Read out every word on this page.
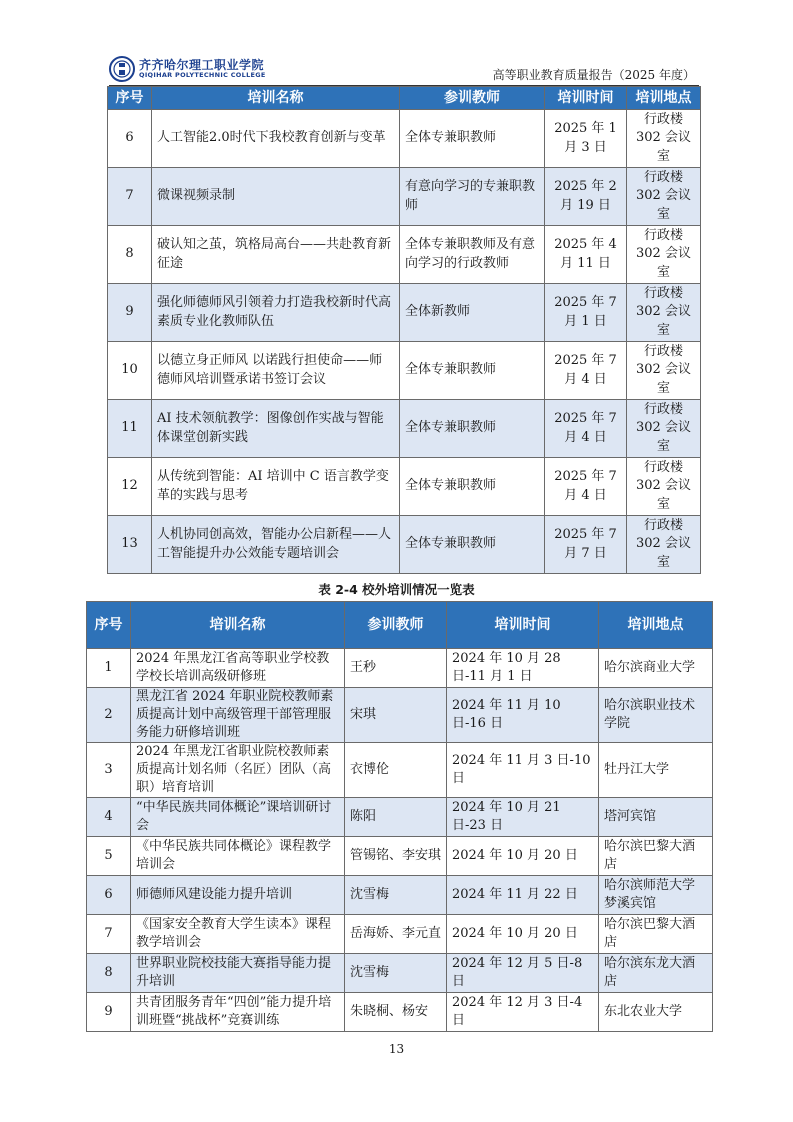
齐齐哈尔理工职业学院
QIQIHAR POLYTECHNIC COLLEGE	高等职业教育质量报告（2025 年度）
序号	培训名称	参训教师	培训时间	培训地点
6	人工智能2.0时代下我校教育创新与变革	全体专兼职教师	2025 年 1 月 3 日	行政楼 302 会议室
7	微课视频录制	有意向学习的专兼职教师	2025 年 2 月 19 日	行政楼 302 会议室
8	破认知之茧，筑格局高台——共赴教育新征途	全体专兼职教师及有意向学习的行政教师	2025 年 4 月 11 日	行政楼 302 会议室
9	强化师德师风引领着力打造我校新时代高素质专业化教师队伍	全体新教师	2025 年 7 月 1 日	行政楼 302 会议室
10	以德立身正师风 以诺践行担使命——师德师风培训暨承诺书签订会议	全体专兼职教师	2025 年 7 月 4 日	行政楼 302 会议室
11	AI 技术领航教学：图像创作实战与智能体课堂创新实践	全体专兼职教师	2025 年 7 月 4 日	行政楼 302 会议室
12	从传统到智能：AI 培训中 C 语言教学变革的实践与思考	全体专兼职教师	2025 年 7 月 4 日	行政楼 302 会议室
13	人机协同创高效，智能办公启新程——人工智能提升办公效能专题培训会	全体专兼职教师	2025 年 7 月 7 日	行政楼 302 会议室
表 2-4 校外培训情况一览表
序号	培训名称	参训教师	培训时间	培训地点
1	2024 年黑龙江省高等职业学校教学校长培训高级研修班	王秒	2024 年 10 月 28 日-11 月 1 日	哈尔滨商业大学
2	黑龙江省 2024 年职业院校教师素质提高计划中高级管理干部管理服务能力研修培训班	宋琪	2024 年 11 月 10 日-16 日	哈尔滨职业技术学院
3	2024 年黑龙江省职业院校教师素质提高计划名师（名匠）团队（高职）培育培训	衣博伦	2024 年 11 月 3 日-10 日	牡丹江大学
4	“中华民族共同体概论”课培训研讨会	陈阳	2024 年 10 月 21 日-23 日	塔河宾馆
5	《中华民族共同体概论》课程教学培训会	管锡铭、李安琪	2024 年 10 月 20 日	哈尔滨巴黎大酒店
6	师德师风建设能力提升培训	沈雪梅	2024 年 11 月 22 日	哈尔滨师范大学梦溪宾馆
7	《国家安全教育大学生读本》课程教学培训会	岳海娇、李元直	2024 年 10 月 20 日	哈尔滨巴黎大酒店
8	世界职业院校技能大赛指导能力提升培训	沈雪梅	2024 年 12 月 5 日-8 日	哈尔滨东龙大酒店
9	共青团服务青年“四创”能力提升培训班暨“挑战杯”竞赛训练	朱晓桐、杨安	2024 年 12 月 3 日-4 日	东北农业大学
13
